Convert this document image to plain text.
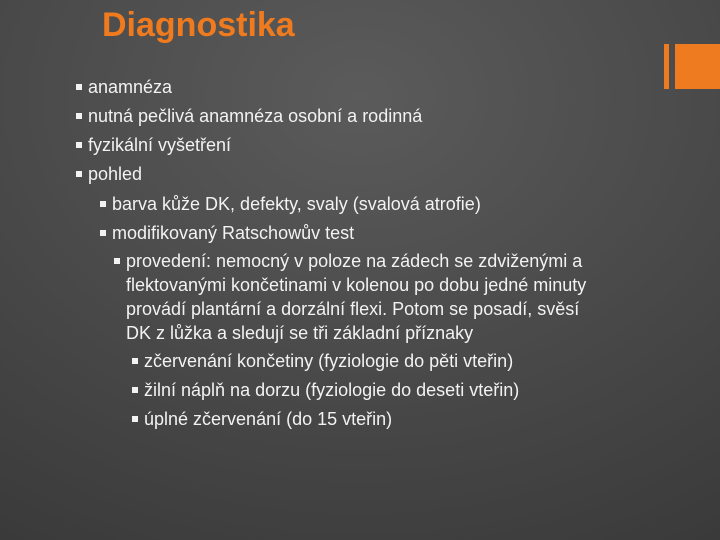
Diagnostika
anamnéza
nutná pečlivá anamnéza osobní a rodinná
fyzikální vyšetření
pohled
barva kůže DK, defekty, svaly (svalová atrofie)
modifikovaný Ratschowův test
provedení: nemocný v poloze na zádech se zdviženými a
flektovanými končetinami v kolenou po dobu jedné minuty
provádí plantární a dorzální flexi. Potom se posadí, svěsí
DK z lůžka a sledují se tři základní příznaky
zčervenání končetiny (fyziologie do pěti vteřin)
žilní náplň na dorzu (fyziologie do deseti vteřin)
úplné zčervenání (do 15 vteřin)
